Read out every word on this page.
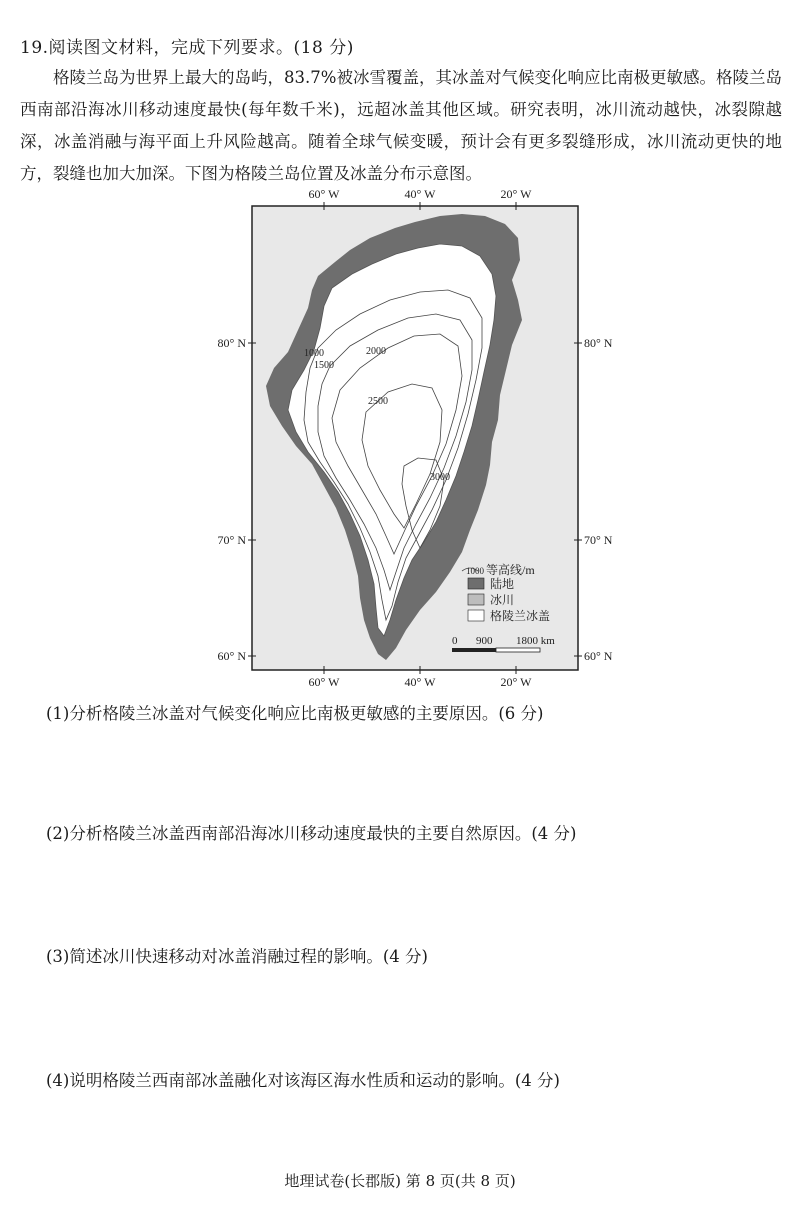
19.阅读图文材料，完成下列要求。(18 分)

格陵兰岛为世界上最大的岛屿，83.7%被冰雪覆盖，其冰盖对气候变化响应比南极更敏感。格陵兰岛西南部沿海冰川移动速度最快(每年数千米)，远超冰盖其他区域。研究表明，冰川流动越快，冰裂隙越深，冰盖消融与海平面上升风险越高。随着全球气候变暖，预计会有更多裂缝形成，冰川流动更快的地方，裂缝也加大加深。下图为格陵兰岛位置及冰盖分布示意图。

1000
1500
2000
2500
3000
60° W	40° W	20° W
60° W	40° W	20° W
80° N
70° N
60° N
80° N
70° N
60° N
1000 等高线/m
陆地
冰川
格陵兰冰盖
0 900 1800 km
(1)分析格陵兰冰盖对气候变化响应比南极更敏感的主要原因。(6 分)
(2)分析格陵兰冰盖西南部沿海冰川移动速度最快的主要自然原因。(4 分)
(3)简述冰川快速移动对冰盖消融过程的影响。(4 分)
(4)说明格陵兰西南部冰盖融化对该海区海水性质和运动的影响。(4 分)
地理试卷(长郡版) 第 8 页(共 8 页)
